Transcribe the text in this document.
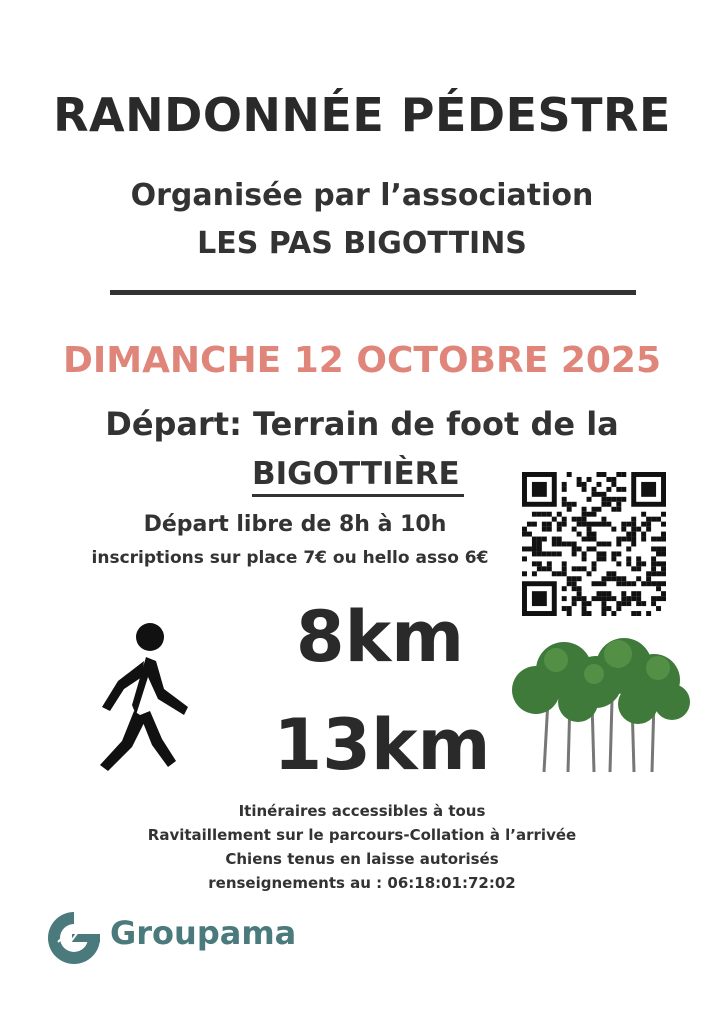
RANDONNÉE PÉDESTRE
Organisée par l’association
LES PAS BIGOTTINS
DIMANCHE 12 OCTOBRE 2025
Départ: Terrain de foot de la
BIGOTTIÈRE
Départ libre de 8h à 10h
inscriptions sur place 7€ ou hello asso 6€
8km
13km
Itinéraires accessibles à tous
Ravitaillement sur le parcours-Collation à l’arrivée
Chiens tenus en laisse autorisés
renseignements au : 06:18:01:72:02
Groupama
